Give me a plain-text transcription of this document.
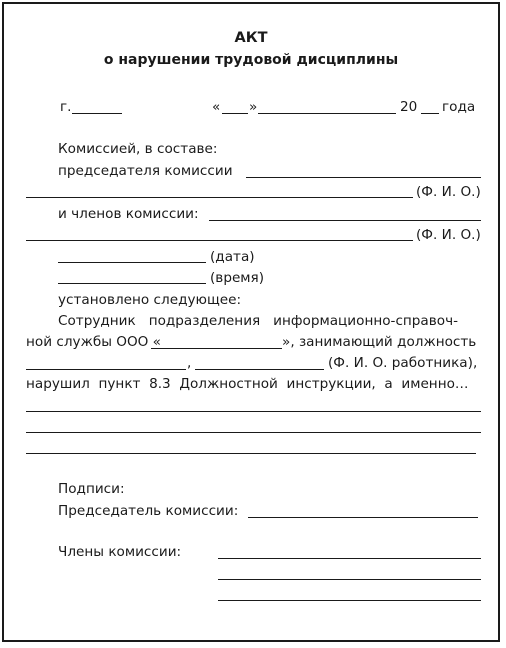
АКТ
о нарушении трудовой дисциплины
г.	« »	20 года
Комиссией, в составе:
председателя комиссии
(Ф. И. О.)
и членов комиссии:
(Ф. И. О.)
(дата)
(время)
установлено следующее:
Сотрудник   подразделения   информационно-справоч-
ной службы ООО «	», занимающий должность
,	(Ф. И. О. работника),
нарушил  пункт  8.3  Должностной  инструкции,  а  именно…
Подписи:
Председатель комиссии:
Члены комиссии:
